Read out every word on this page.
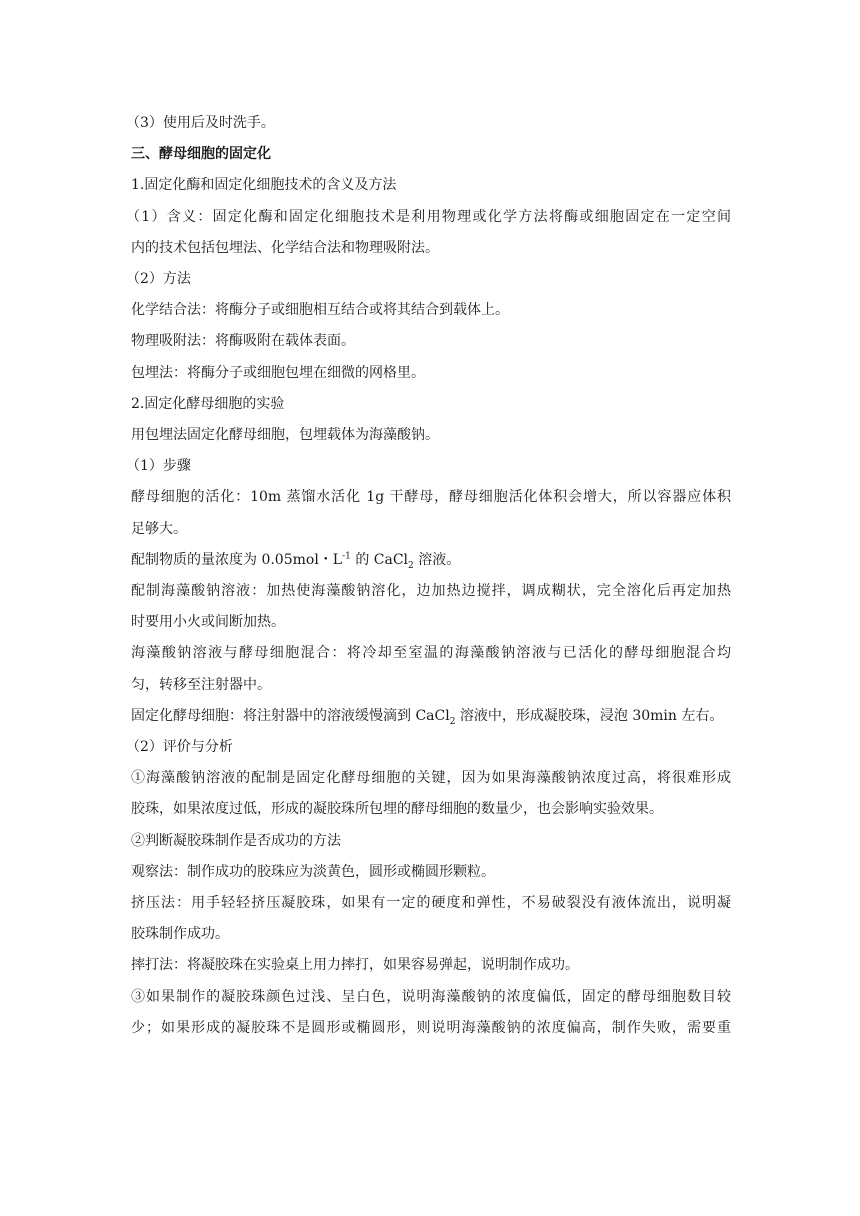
（3）使用后及时洗手。
三、酵母细胞的固定化
1.固定化酶和固定化细胞技术的含义及方法
（1）含义：固定化酶和固定化细胞技术是利用物理或化学方法将酶或细胞固定在一定空间
内的技术包括包埋法、化学结合法和物理吸附法。
（2）方法
化学结合法：将酶分子或细胞相互结合或将其结合到载体上。
物理吸附法：将酶吸附在载体表面。
包埋法：将酶分子或细胞包埋在细微的网格里。
2.固定化酵母细胞的实验
用包埋法固定化酵母细胞，包埋载体为海藻酸钠。
（1）步骤
酵母细胞的活化：10m 蒸馏水活化 1g 干酵母，酵母细胞活化体积会增大，所以容器应体积
足够大。
配制物质的量浓度为 0.05mol・$L^{-1}$ 的 CaCl$_2$ 溶液。
配制海藻酸钠溶液：加热使海藻酸钠溶化，边加热边搅拌，调成糊状，完全溶化后再定加热
时要用小火或间断加热。
海藻酸钠溶液与酵母细胞混合：将冷却至室温的海藻酸钠溶液与已活化的酵母细胞混合均
匀，转移至注射器中。
固定化酵母细胞：将注射器中的溶液缓慢滴到 CaCl$_2$ 溶液中，形成凝胶珠，浸泡 30min 左右。
（2）评价与分析
①海藻酸钠溶液的配制是固定化酵母细胞的关键，因为如果海藻酸钠浓度过高，将很难形成
胶珠，如果浓度过低，形成的凝胶珠所包埋的酵母细胞的数量少，也会影响实验效果。
②判断凝胶珠制作是否成功的方法
观察法：制作成功的胶珠应为淡黄色，圆形或椭圆形颗粒。
挤压法：用手轻轻挤压凝胶珠，如果有一定的硬度和弹性，不易破裂没有液体流出，说明凝
胶珠制作成功。
摔打法：将凝胶珠在实验桌上用力摔打，如果容易弹起，说明制作成功。
③如果制作的凝胶珠颜色过浅、呈白色，说明海藻酸钠的浓度偏低，固定的酵母细胞数目较
少；如果形成的凝胶珠不是圆形或椭圆形，则说明海藻酸钠的浓度偏高，制作失败，需要重
